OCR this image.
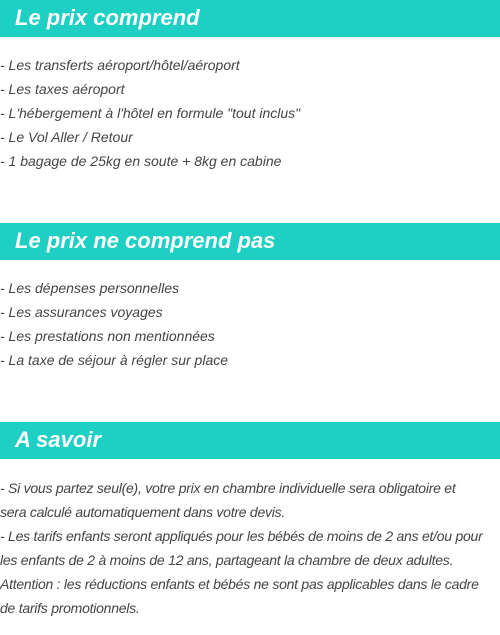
Le prix comprend
- Les transferts aéroport/hôtel/aéroport
- Les taxes aéroport
- L'hébergement à l'hôtel en formule "tout inclus"
- Le Vol Aller / Retour
- 1 bagage de 25kg en soute + 8kg en cabine
Le prix ne comprend pas
- Les dépenses personnelles
- Les assurances voyages
- Les prestations non mentionnées
- La taxe de séjour à régler sur place
A savoir
- Si vous partez seul(e), votre prix en chambre individuelle sera obligatoire et
sera calculé automatiquement dans votre devis.
- Les tarifs enfants seront appliqués pour les bébés de moins de 2 ans et/ou pour
les enfants de 2 à moins de 12 ans, partageant la chambre de deux adultes.
Attention : les réductions enfants et bébés ne sont pas applicables dans le cadre
de tarifs promotionnels.
